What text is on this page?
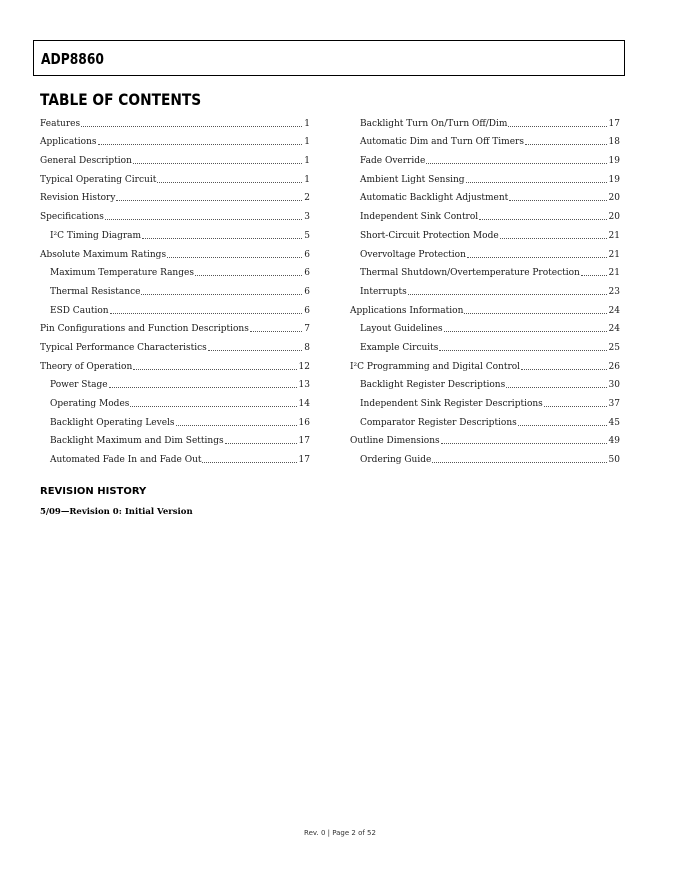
ADP8860
TABLE OF CONTENTS
Features	1
Applications	1
General Description	1
Typical Operating Circuit	1
Revision History	2
Specifications	3
I²C Timing Diagram	5
Absolute Maximum Ratings	6
Maximum Temperature Ranges	6
Thermal Resistance	6
ESD Caution	6
Pin Configurations and Function Descriptions	7
Typical Performance Characteristics	8
Theory of Operation	12
Power Stage	13
Operating Modes	14
Backlight Operating Levels	16
Backlight Maximum and Dim Settings	17
Automated Fade In and Fade Out	17
Backlight Turn On/Turn Off/Dim	17
Automatic Dim and Turn Off Timers	18
Fade Override	19
Ambient Light Sensing	19
Automatic Backlight Adjustment	20
Independent Sink Control	20
Short-Circuit Protection Mode	21
Overvoltage Protection	21
Thermal Shutdown/Overtemperature Protection	21
Interrupts	23
Applications Information	24
Layout Guidelines	24
Example Circuits	25
I²C Programming and Digital Control	26
Backlight Register Descriptions	30
Independent Sink Register Descriptions	37
Comparator Register Descriptions	45
Outline Dimensions	49
Ordering Guide	50
REVISION HISTORY
5/09—Revision 0: Initial Version
Rev. 0 | Page 2 of 52
